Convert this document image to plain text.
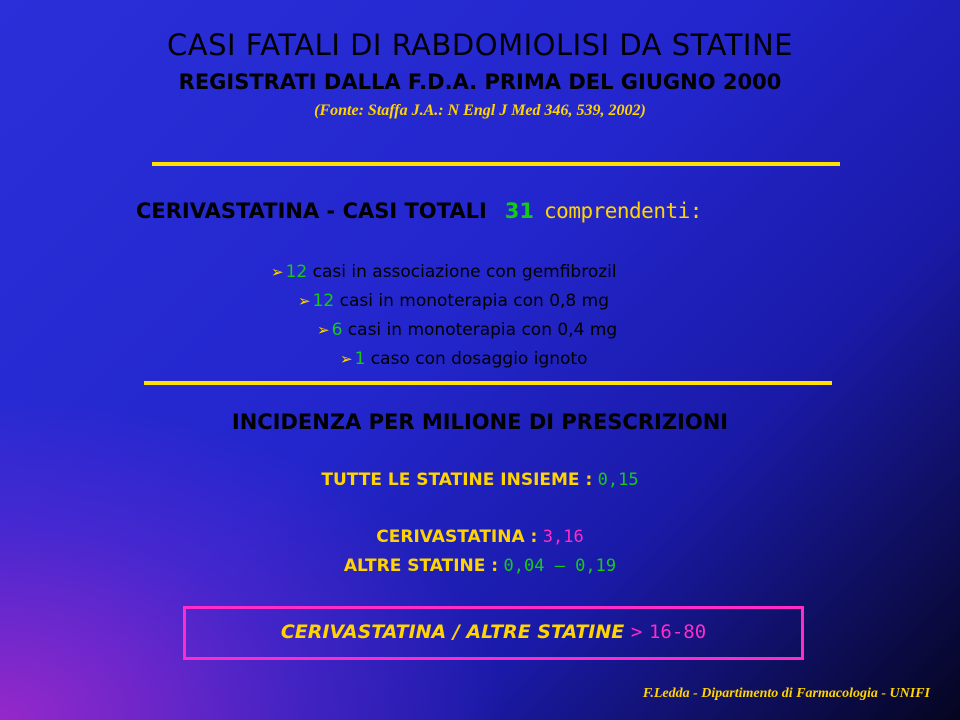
CASI FATALI DI RABDOMIOLISI DA STATINE
REGISTRATI DALLA F.D.A. PRIMA DEL GIUGNO 2000
(Fonte: Staffa J.A.: N Engl J Med 346, 539, 2002)
CERIVASTATINA - CASI TOTALI 31 comprendenti:
➢ 12 casi in associazione con gemfibrozil
➢ 12 casi in monoterapia con 0,8 mg
➢ 6 casi in monoterapia con 0,4 mg
➢ 1 caso con dosaggio ignoto
INCIDENZA PER MILIONE DI PRESCRIZIONI
TUTTE LE STATINE INSIEME : 0,15
CERIVASTATINA : 3,16
ALTRE STATINE : 0,04 – 0,19
CERIVASTATINA / ALTRE STATINE > 16-80
F.Ledda - Dipartimento di Farmacologia - UNIFI
